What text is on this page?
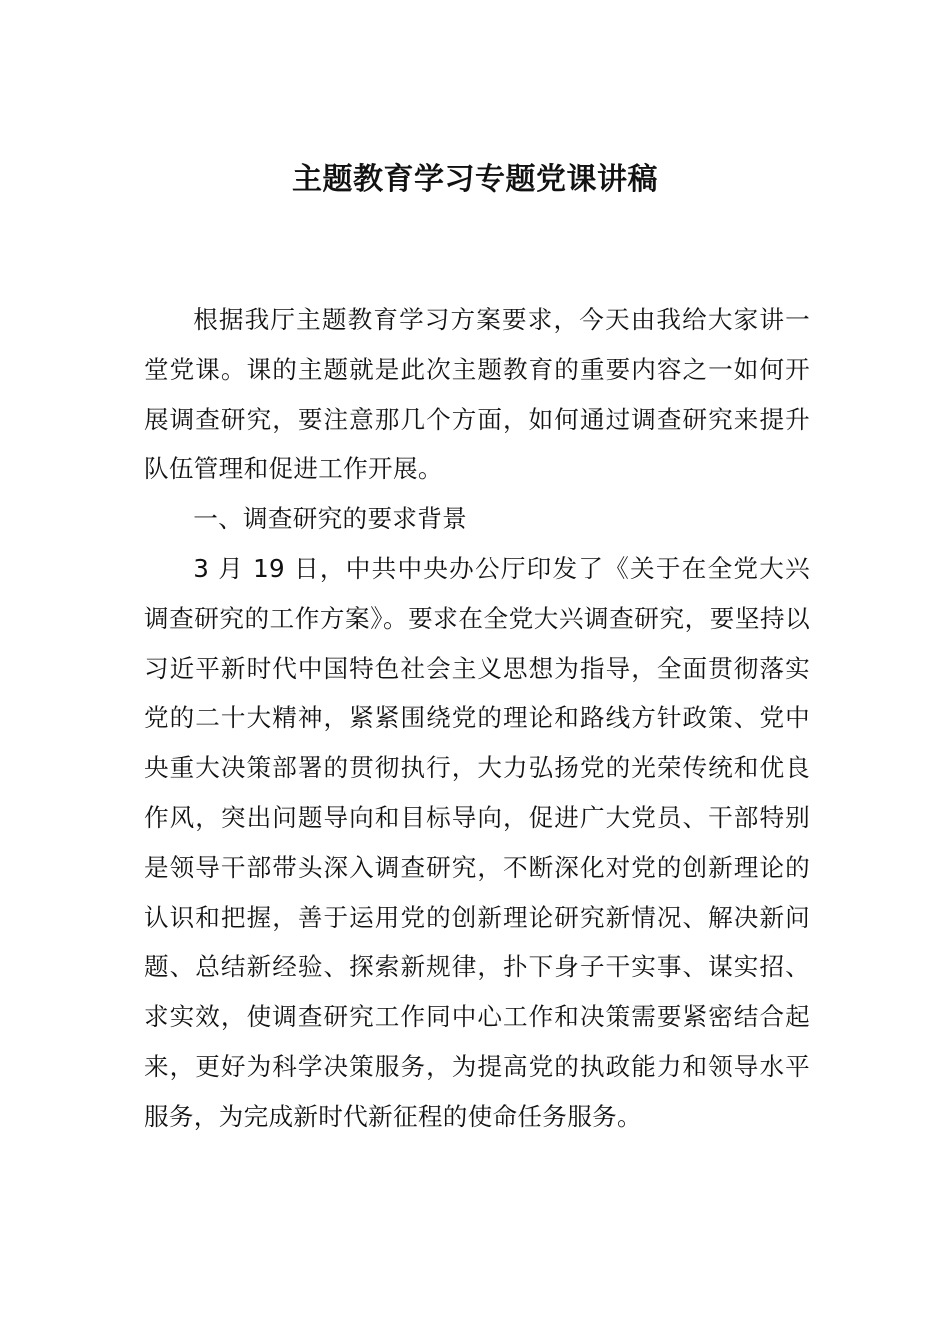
主题教育学习专题党课讲稿

根据我厅主题教育学习方案要求，今天由我给大家讲一堂党课。课的主题就是此次主题教育的重要内容之一如何开展调查研究，要注意那几个方面，如何通过调查研究来提升队伍管理和促进工作开展。

一、调查研究的要求背景

3 月 19 日，中共中央办公厅印发了《关于在全党大兴调查研究的工作方案》。要求在全党大兴调查研究，要坚持以习近平新时代中国特色社会主义思想为指导，全面贯彻落实党的二十大精神，紧紧围绕党的理论和路线方针政策、党中央重大决策部署的贯彻执行，大力弘扬党的光荣传统和优良作风，突出问题导向和目标导向，促进广大党员、干部特别是领导干部带头深入调查研究，不断深化对党的创新理论的认识和把握，善于运用党的创新理论研究新情况、解决新问题、总结新经验、探索新规律，扑下身子干实事、谋实招、求实效，使调查研究工作同中心工作和决策需要紧密结合起来，更好为科学决策服务，为提高党的执政能力和领导水平服务，为完成新时代新征程的使命任务服务。
